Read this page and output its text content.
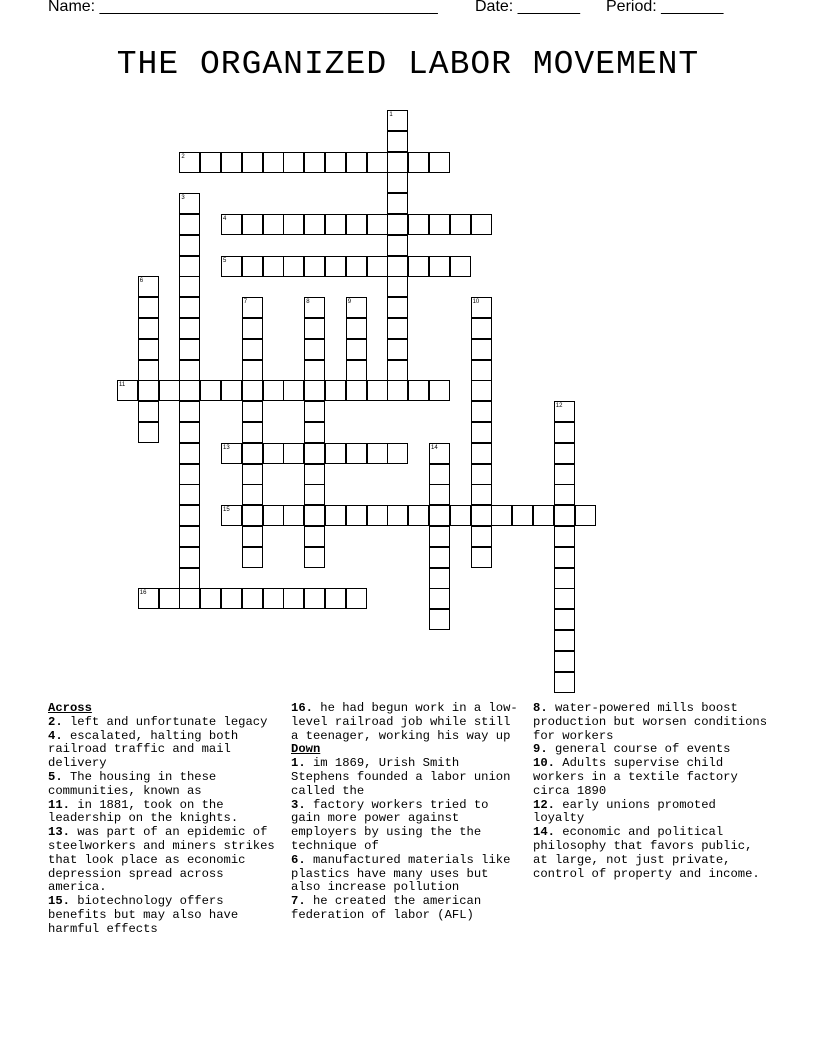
Name: ______________________________________

Date: _______

Period: _______

THE ORGANIZED LABOR MOVEMENT
1
2
3
4
5
6
7	8	9	10
11
12
13	14
15
16

Across

2. left and unfortunate legacy

4. escalated, halting both railroad traffic and mail delivery

5. The housing in these communities, known as

11. in 1881, took on the leadership on the knights.

13. was part of an epidemic of steelworkers and miners strikes that look place as economic depression spread across america.

15. biotechnology offers benefits but may also have harmful effects

16. he had begun work in a low-level railroad job while still a teenager, working his way up

Down

1. im 1869, Urish Smith Stephens founded a labor union called the

3. factory workers tried to gain more power against employers by using the the technique of

6. manufactured materials like plastics have many uses but also increase pollution

7. he created the american federation of labor (AFL)

8. water-powered mills boost production but worsen conditions for workers

9. general course of events

10. Adults supervise child workers in a textile factory circa 1890

12. early unions promoted loyalty

14. economic and political philosophy that favors public, at large, not just private, control of property and income.
